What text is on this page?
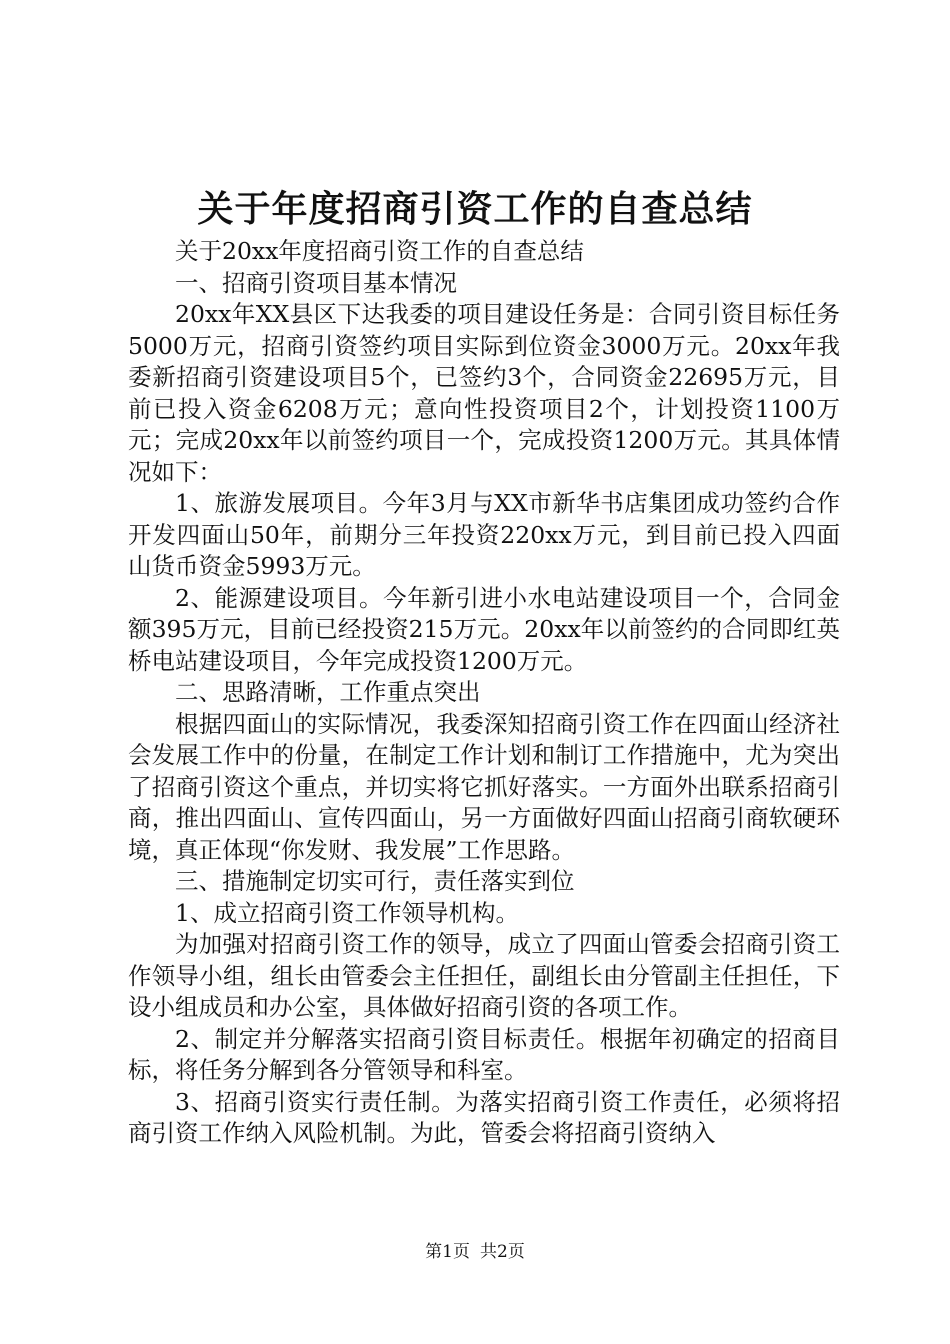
关于年度招商引资工作的自查总结

关于20xx年度招商引资工作的自查总结

一、招商引资项目基本情况

20xx年XX县区下达我委的项目建设任务是：合同引资目标任务5000万元，招商引资签约项目实际到位资金3000万元。20xx年我委新招商引资建设项目5个，已签约3个，合同资金22695万元，目前已投入资金6208万元；意向性投资项目2个，计划投资1100万元；完成20xx年以前签约项目一个，完成投资1200万元。其具体情况如下：

1、旅游发展项目。今年3月与XX市新华书店集团成功签约合作开发四面山50年，前期分三年投资220xx万元，到目前已投入四面山货币资金5993万元。

2、能源建设项目。今年新引进小水电站建设项目一个，合同金额395万元，目前已经投资215万元。20xx年以前签约的合同即红英桥电站建设项目，今年完成投资1200万元。

二、思路清晰，工作重点突出

根据四面山的实际情况，我委深知招商引资工作在四面山经济社会发展工作中的份量，在制定工作计划和制订工作措施中，尤为突出了招商引资这个重点，并切实将它抓好落实。一方面外出联系招商引商，推出四面山、宣传四面山，另一方面做好四面山招商引商软硬环境，真正体现“你发财、我发展”工作思路。

三、措施制定切实可行，责任落实到位

1、成立招商引资工作领导机构。

为加强对招商引资工作的领导，成立了四面山管委会招商引资工作领导小组，组长由管委会主任担任，副组长由分管副主任担任，下设小组成员和办公室，具体做好招商引资的各项工作。

2、制定并分解落实招商引资目标责任。根据年初确定的招商目标，将任务分解到各分管领导和科室。

3、招商引资实行责任制。为落实招商引资工作责任，必须将招商引资工作纳入风险机制。为此，管委会将招商引资纳入

第1页 共2页
